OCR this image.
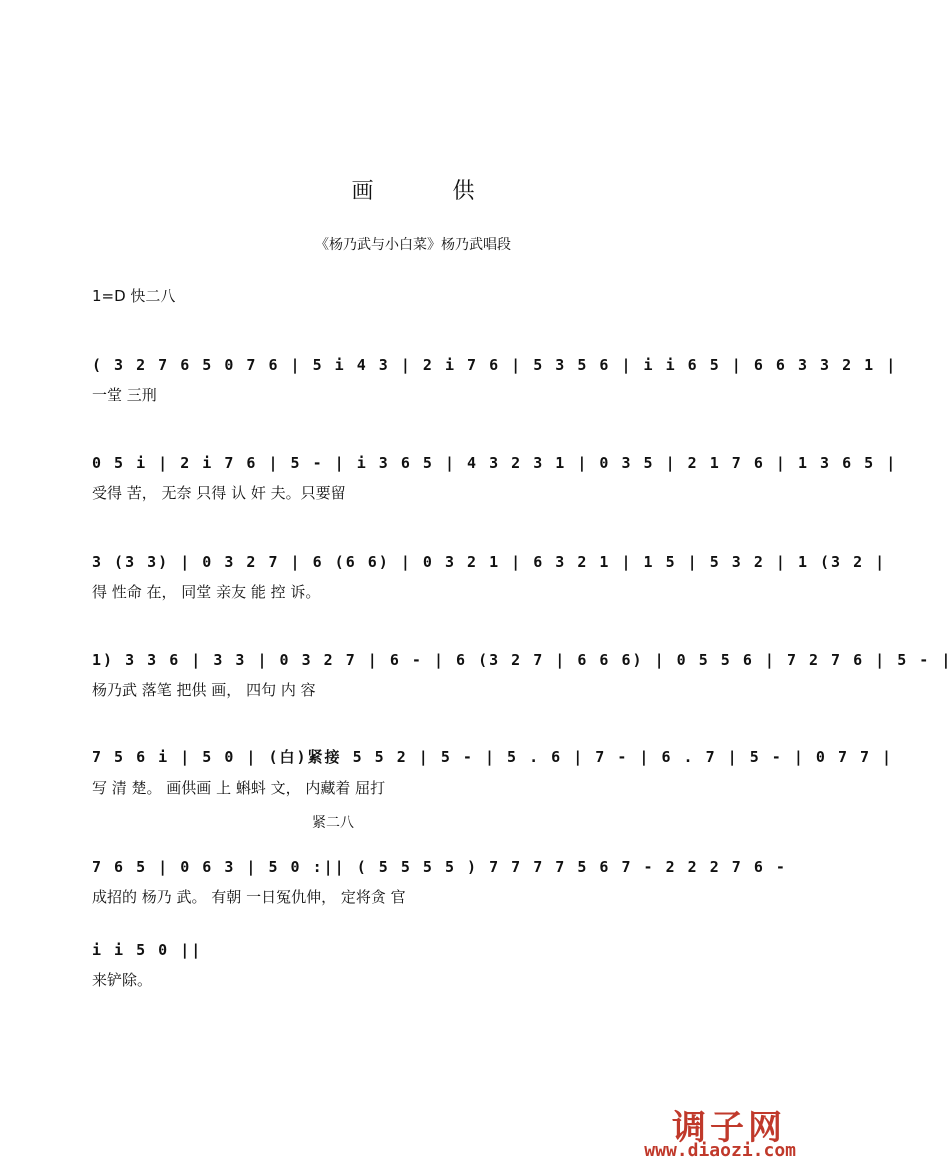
画 供
《杨乃武与小白菜》杨乃武唱段
1=D 快二八
( 3 2 7 6 5 0 7 6 | 5 i 4 3 | 2 i 7 6 | 5 3 5 6 | i i 6 5 | 6 6 3 3 2 1 |
一堂 三刑
0 5 i | 2 i 7 6 | 5 - | i 3 6 5 | 4 3 2 3 1 | 0 3 5 | 2 1 7 6 | 1 3 6 5 |
受得 苦， 无奈 只得 认 奸 夫。只要留
3 (3 3) | 0 3 2 7 | 6 (6 6) | 0 3 2 1 | 6 3 2 1 | 1 5 | 5 3 2 | 1 (3 2 |
得 性命 在， 同堂 亲友 能 控 诉。
1) 3 3 6 | 3 3 | 0 3 2 7 | 6 - | 6 (3 2 7 | 6 6 6) | 0 5 5 6 | 7 2 7 6 | 5 - |
杨乃武 落笔 把供 画， 四句 内 容
7 5 6 i | 5 0 | (白)紧接 5 5 2 | 5 - | 5 . 6 | 7 - | 6 . 7 | 5 - | 0 7 7 |
写 清 楚。 画供画 上 蝌蚪 文， 内藏着 屈打
紧二八
7 6 5 | 0 6 3 | 5 0 :|| ( 5 5 5 5 ) 7 7 7 7 5 6 7 - 2 2 2 7 6 -
成招的 杨乃 武。 有朝 一日冤仇伸， 定将贪 官
i i 5 0 ||
来铲除。
调子网
www.diaozi.com
